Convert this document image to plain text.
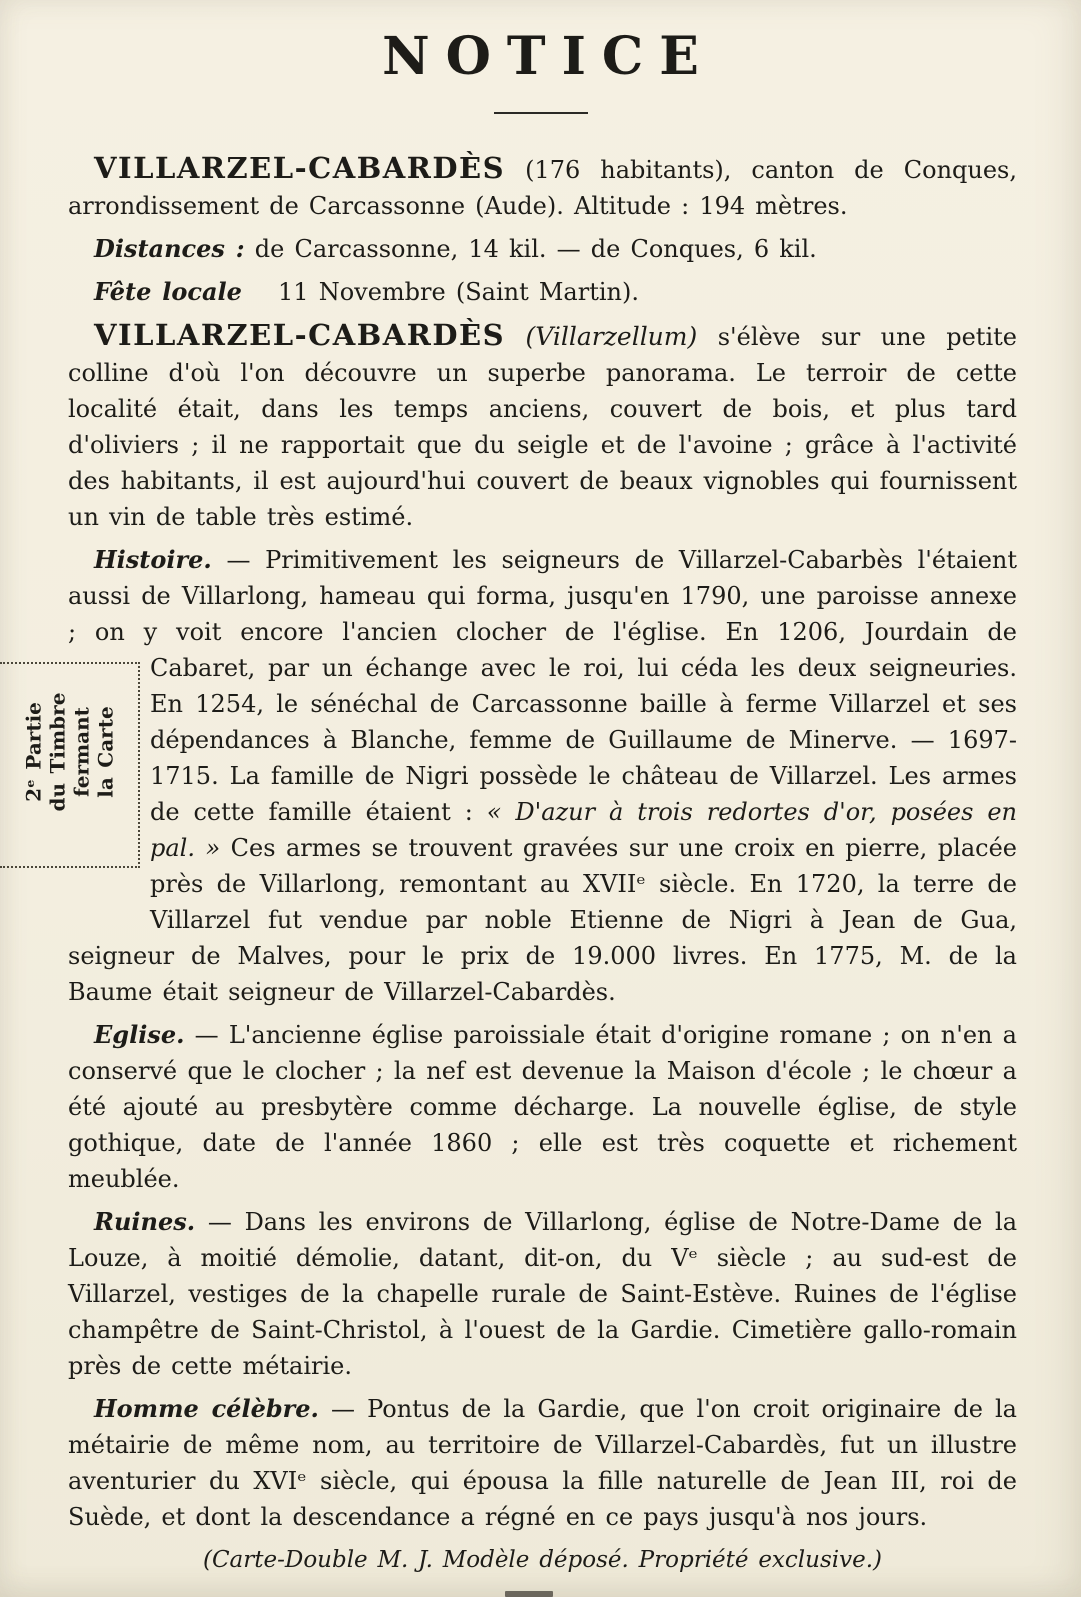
NOTICE

VILLARZEL-CABARDÈS (176 habitants), canton de Conques, arrondissement de Carcassonne (Aude). Altitude : 194 mètres.

Distances : de Carcassonne, 14 kil. — de Conques, 6 kil.

Fête locale 11 Novembre (Saint Martin).

VILLARZEL-CABARDÈS (Villarzellum) s'élève sur une petite colline d'où l'on découvre un superbe panorama. Le terroir de cette localité était, dans les temps anciens, couvert de bois, et plus tard d'oliviers ; il ne rapportait que du seigle et de l'avoine ; grâce à l'activité des habitants, il est aujourd'hui couvert de beaux vignobles qui fournissent un vin de table très estimé.

Histoire. — Primitivement les seigneurs de Villarzel-Cabarbès l'étaient aussi de Villarlong, hameau qui forma, jusqu'en 1790, une paroisse annexe ; on y voit encore l'ancien clocher de l'église. En 1206, Jourdain de Cabaret,
2ᵉ Partie du Timbre fermant la Carte
par un échange avec le roi, lui céda les deux seigneuries. En 1254, le sénéchal de Carcassonne baille à ferme Villarzel et ses dépendances à Blanche, femme de Guillaume de Minerve. — 1697-1715. La famille de Nigri possède le château de Villarzel. Les armes de cette famille étaient : « D'azur à trois redortes d'or, posées en pal. » Ces armes se trouvent gravées sur une croix en pierre, placée près de Villarlong, remontant au XVIIᵉ siècle. En 1720, la terre de Villarzel fut vendue par noble Etienne de Nigri à Jean de Gua, seigneur de Malves, pour le prix de 19.000 livres. En 1775, M. de la Baume était seigneur de Villarzel-Cabardès.

Eglise. — L'ancienne église paroissiale était d'origine romane ; on n'en a conservé que le clocher ; la nef est devenue la Maison d'école ; le chœur a été ajouté au presbytère comme décharge. La nouvelle église, de style gothique, date de l'année 1860 ; elle est très coquette et richement meublée.

Ruines. — Dans les environs de Villarlong, église de Notre-Dame de la Louze, à moitié démolie, datant, dit-on, du Vᵉ siècle ; au sud-est de Villarzel, vestiges de la chapelle rurale de Saint-Estève. Ruines de l'église champêtre de Saint-Christol, à l'ouest de la Gardie. Cimetière gallo-romain près de cette métairie.

Homme célèbre. — Pontus de la Gardie, que l'on croit originaire de la métairie de même nom, au territoire de Villarzel-Cabardès, fut un illustre aventurier du XVIᵉ siècle, qui épousa la fille naturelle de Jean III, roi de Suède, et dont la descendance a régné en ce pays jusqu'à nos jours.

(Carte-Double M. J. Modèle déposé. Propriété exclusive.)
